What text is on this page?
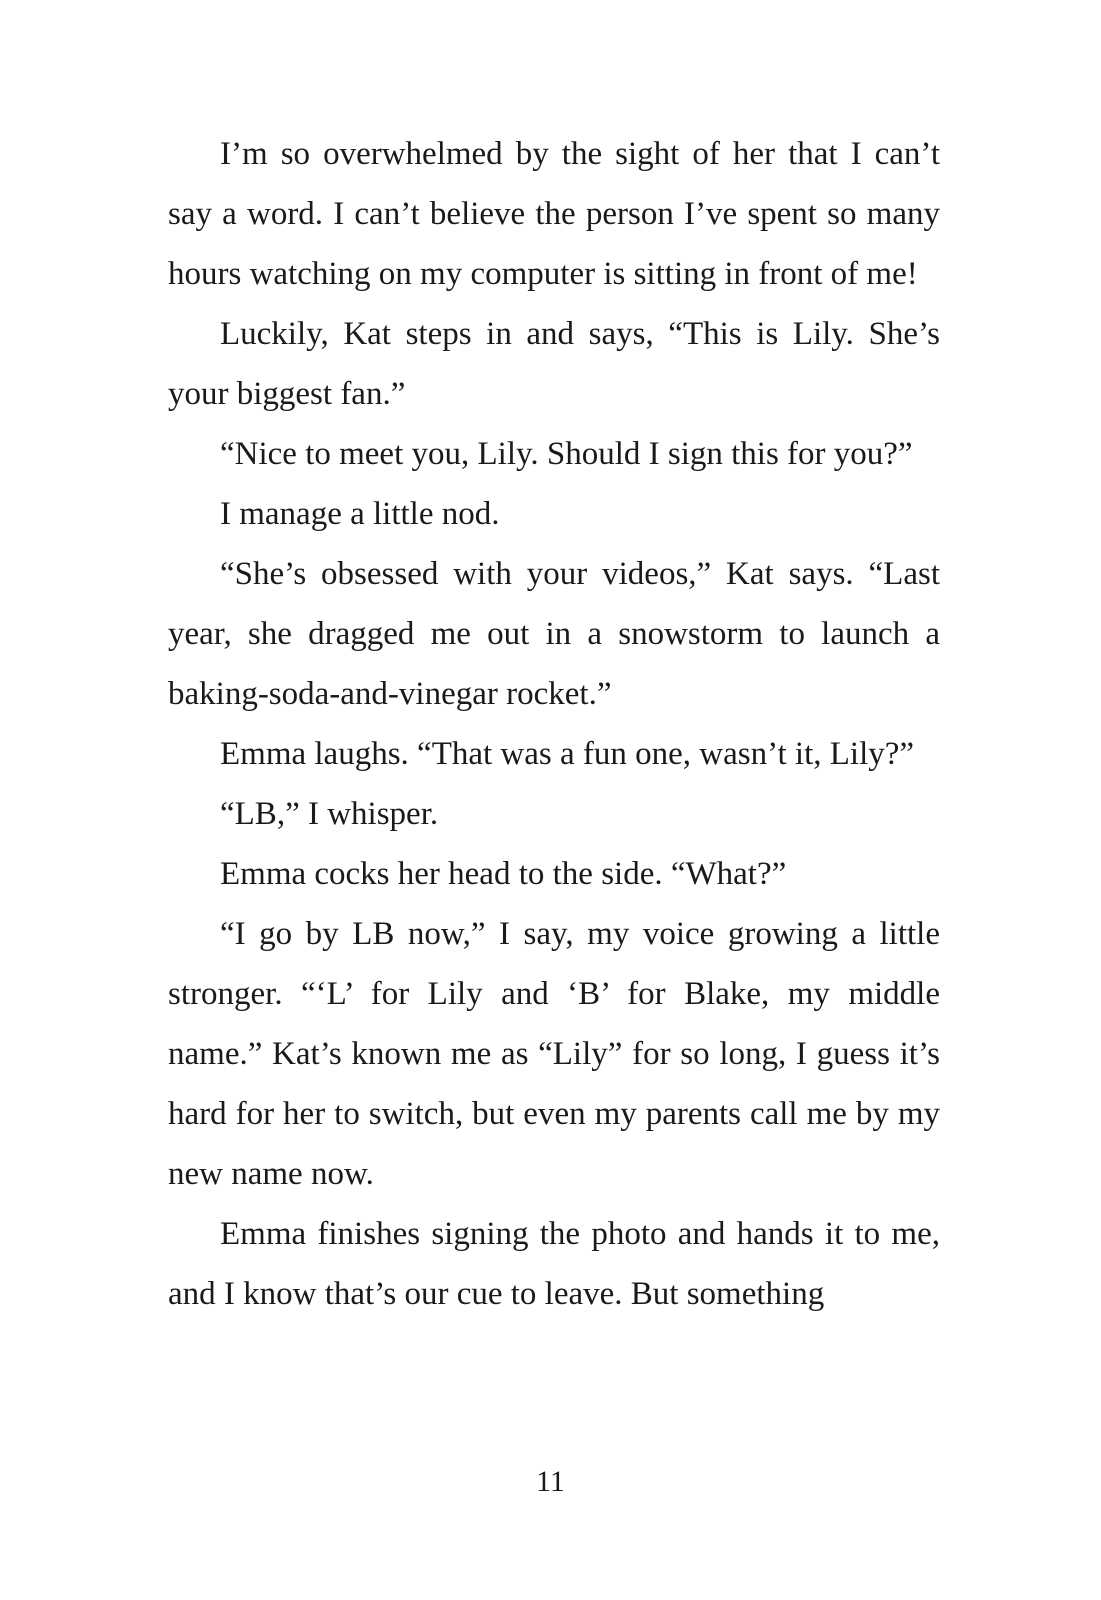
I’m so overwhelmed by the sight of her that I can’t say a word. I can’t believe the person I’ve spent so many hours watching on my computer is sitting in front of me!

Luckily, Kat steps in and says, “This is Lily. She’s your biggest fan.”

“Nice to meet you, Lily. Should I sign this for you?”

I manage a little nod.

“She’s obsessed with your videos,” Kat says. “Last year, she dragged me out in a snowstorm to launch a baking-soda-and-vinegar rocket.”

Emma laughs. “That was a fun one, wasn’t it, Lily?”

“LB,” I whisper.

Emma cocks her head to the side. “What?”

“I go by LB now,” I say, my voice growing a little stronger. “‘L’ for Lily and ‘B’ for Blake, my middle name.” Kat’s known me as “Lily” for so long, I guess it’s hard for her to switch, but even my parents call me by my new name now.

Emma finishes signing the photo and hands it to me, and I know that’s our cue to leave. But something

11
